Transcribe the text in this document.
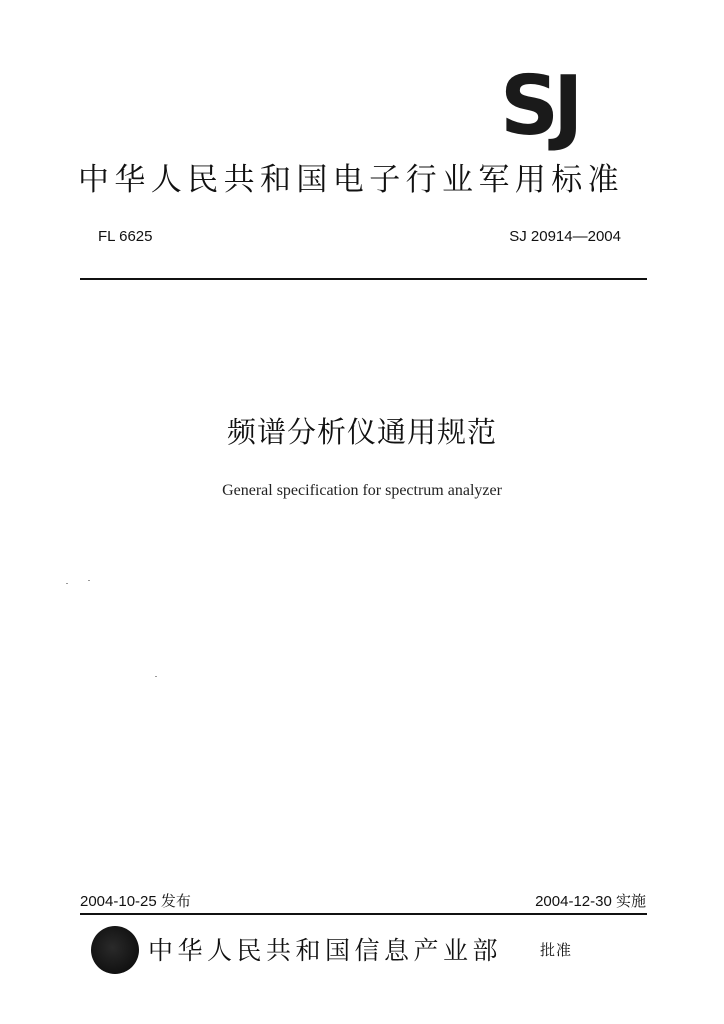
SJ
中华人民共和国电子行业军用标准
FL 6625	SJ 20914—2004
频谱分析仪通用规范
General specification for spectrum analyzer
2004-10-25 发布	2004-12-30 实施
中华人民共和国信息产业部	批准
